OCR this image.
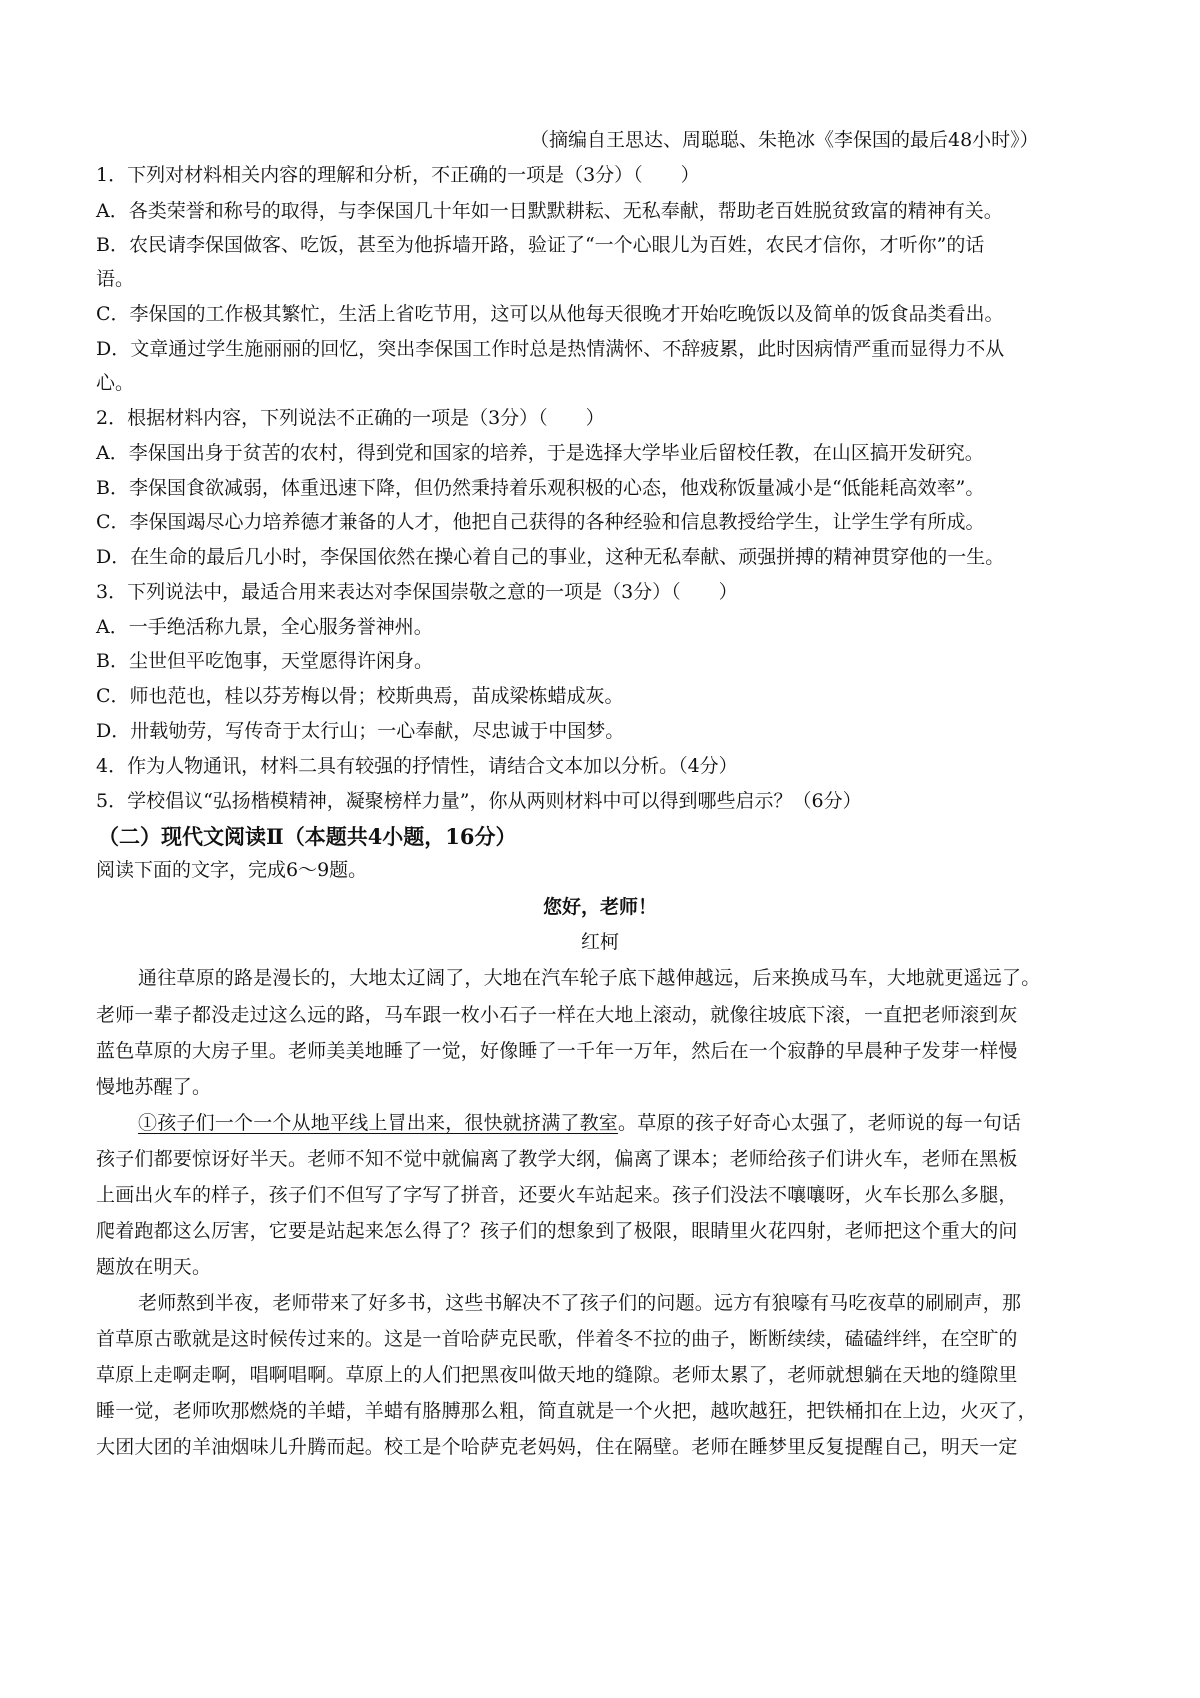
（摘编自王思达、周聪聪、朱艳冰《李保国的最后48小时》）
1．下列对材料相关内容的理解和分析，不正确的一项是（3分）（　　）
A．各类荣誉和称号的取得，与李保国几十年如一日默默耕耘、无私奉献，帮助老百姓脱贫致富的精神有关。
B．农民请李保国做客、吃饭，甚至为他拆墙开路，验证了“一个心眼儿为百姓，农民才信你，才听你”的话
语。
C．李保国的工作极其繁忙，生活上省吃节用，这可以从他每天很晚才开始吃晚饭以及简单的饭食品类看出。
D．文章通过学生施丽丽的回忆，突出李保国工作时总是热情满怀、不辞疲累，此时因病情严重而显得力不从
心。
2．根据材料内容，下列说法不正确的一项是（3分）（　　）
A．李保国出身于贫苦的农村，得到党和国家的培养，于是选择大学毕业后留校任教，在山区搞开发研究。
B．李保国食欲减弱，体重迅速下降，但仍然秉持着乐观积极的心态，他戏称饭量减小是“低能耗高效率”。
C．李保国竭尽心力培养德才兼备的人才，他把自己获得的各种经验和信息教授给学生，让学生学有所成。
D．在生命的最后几小时，李保国依然在操心着自己的事业，这种无私奉献、顽强拼搏的精神贯穿他的一生。
3．下列说法中，最适合用来表达对李保国崇敬之意的一项是（3分）（　　）
A．一手绝活称九景，全心服务誉神州。
B．尘世但平吃饱事，天堂愿得许闲身。
C．师也范也，桂以芬芳梅以骨；校斯典焉，苗成梁栋蜡成灰。
D．卅载劬劳，写传奇于太行山；一心奉献，尽忠诚于中国梦。
4．作为人物通讯，材料二具有较强的抒情性，请结合文本加以分析。（4分）
5．学校倡议“弘扬楷模精神，凝聚榜样力量”，你从两则材料中可以得到哪些启示？（6分）
（二）现代文阅读Ⅱ（本题共4小题，16分）
阅读下面的文字，完成6～9题。
您好，老师！
红柯
通往草原的路是漫长的，大地太辽阔了，大地在汽车轮子底下越伸越远，后来换成马车，大地就更遥远了。
老师一辈子都没走过这么远的路，马车跟一枚小石子一样在大地上滚动，就像往坡底下滚，一直把老师滚到灰
蓝色草原的大房子里。老师美美地睡了一觉，好像睡了一千年一万年，然后在一个寂静的早晨种子发芽一样慢
慢地苏醒了。
①孩子们一个一个从地平线上冒出来，很快就挤满了教室。草原的孩子好奇心太强了，老师说的每一句话
孩子们都要惊讶好半天。老师不知不觉中就偏离了教学大纲，偏离了课本；老师给孩子们讲火车，老师在黑板
上画出火车的样子，孩子们不但写了字写了拼音，还要火车站起来。孩子们没法不嚷嚷呀，火车长那么多腿，
爬着跑都这么厉害，它要是站起来怎么得了？孩子们的想象到了极限，眼睛里火花四射，老师把这个重大的问
题放在明天。
老师熬到半夜，老师带来了好多书，这些书解决不了孩子们的问题。远方有狼嚎有马吃夜草的刷刷声，那
首草原古歌就是这时候传过来的。这是一首哈萨克民歌，伴着冬不拉的曲子，断断续续，磕磕绊绊，在空旷的
草原上走啊走啊，唱啊唱啊。草原上的人们把黑夜叫做天地的缝隙。老师太累了，老师就想躺在天地的缝隙里
睡一觉，老师吹那燃烧的羊蜡，羊蜡有胳膊那么粗，简直就是一个火把，越吹越狂，把铁桶扣在上边，火灭了，
大团大团的羊油烟味儿升腾而起。校工是个哈萨克老妈妈，住在隔壁。老师在睡梦里反复提醒自己，明天一定
